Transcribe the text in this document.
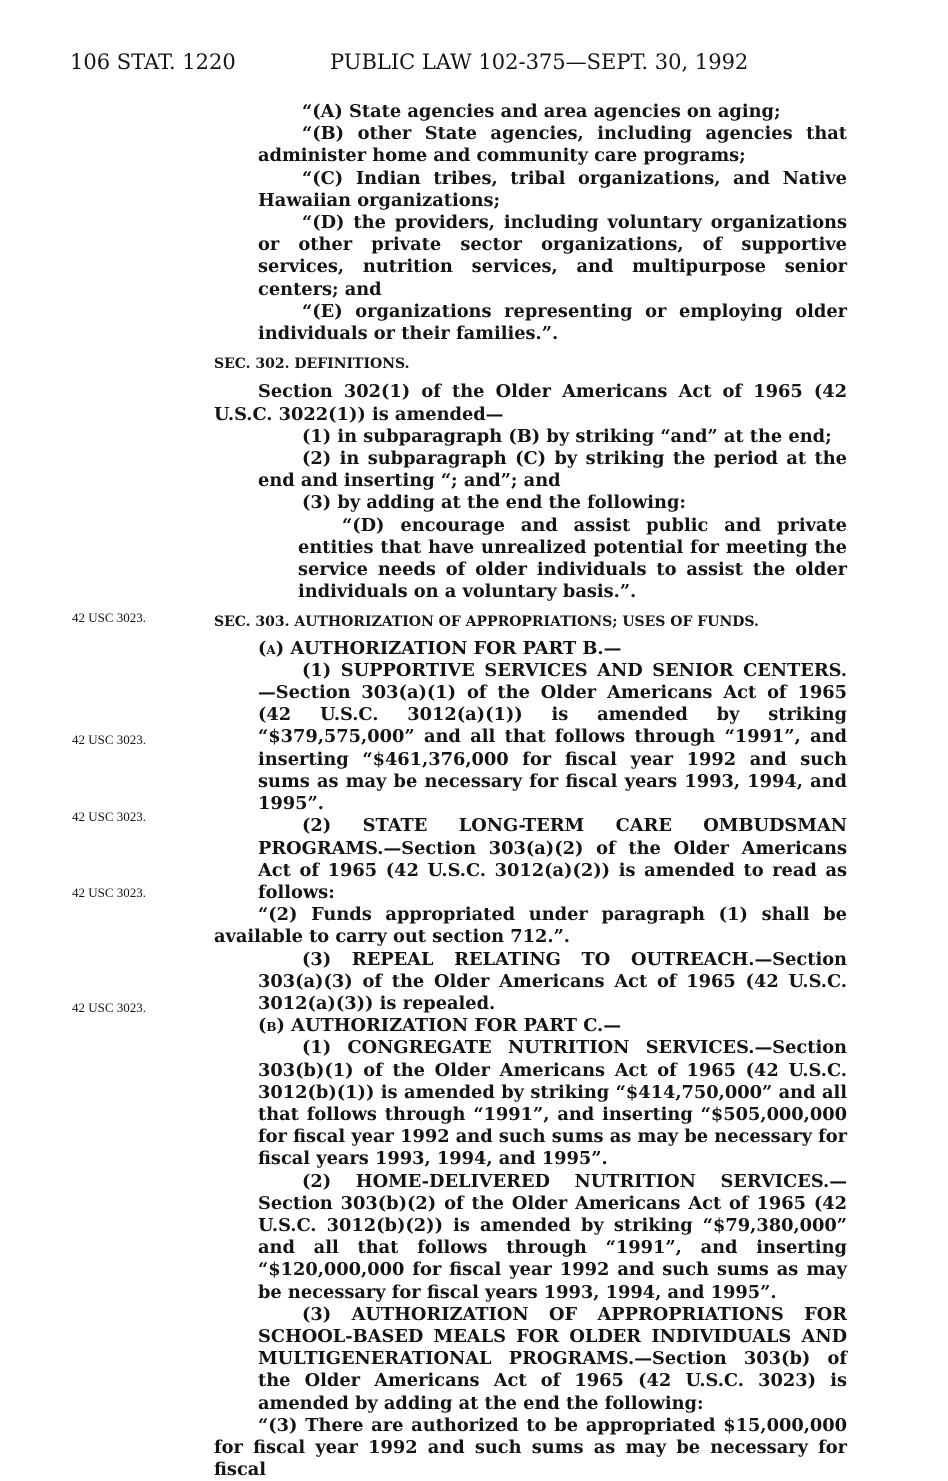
106 STAT. 1220	PUBLIC LAW 102-375—SEPT. 30, 1992
42 USC 3023.
42 USC 3023.
42 USC 3023.
42 USC 3023.
42 USC 3023.

“(A) State agencies and area agencies on aging;

“(B) other State agencies, including agencies that administer home and community care programs;

“(C) Indian tribes, tribal organizations, and Native Hawaiian organizations;

“(D) the providers, including voluntary organizations or other private sector organizations, of supportive services, nutrition services, and multipurpose senior centers; and

“(E) organizations representing or employing older individuals or their families.”.

SEC. 302. DEFINITIONS.

Section 302(1) of the Older Americans Act of 1965 (42 U.S.C. 3022(1)) is amended—

(1) in subparagraph (B) by striking “and” at the end;

(2) in subparagraph (C) by striking the period at the end and inserting “; and”; and

(3) by adding at the end the following:

“(D) encourage and assist public and private entities that have unrealized potential for meeting the service needs of older individuals to assist the older individuals on a voluntary basis.”.

SEC. 303. AUTHORIZATION OF APPROPRIATIONS; USES OF FUNDS.

(a) AUTHORIZATION FOR PART B.—

(1) SUPPORTIVE SERVICES AND SENIOR CENTERS.—Section 303(a)(1) of the Older Americans Act of 1965 (42 U.S.C. 3012(a)(1)) is amended by striking “$379,575,000” and all that follows through “1991”, and inserting “$461,376,000 for fiscal year 1992 and such sums as may be necessary for fiscal years 1993, 1994, and 1995”.

(2) STATE LONG-TERM CARE OMBUDSMAN PROGRAMS.—Section 303(a)(2) of the Older Americans Act of 1965 (42 U.S.C. 3012(a)(2)) is amended to read as follows:

“(2) Funds appropriated under paragraph (1) shall be available to carry out section 712.”.

(3) REPEAL RELATING TO OUTREACH.—Section 303(a)(3) of the Older Americans Act of 1965 (42 U.S.C. 3012(a)(3)) is repealed.

(b) AUTHORIZATION FOR PART C.—

(1) CONGREGATE NUTRITION SERVICES.—Section 303(b)(1) of the Older Americans Act of 1965 (42 U.S.C. 3012(b)(1)) is amended by striking “$414,750,000” and all that follows through “1991”, and inserting “$505,000,000 for fiscal year 1992 and such sums as may be necessary for fiscal years 1993, 1994, and 1995”.

(2) HOME-DELIVERED NUTRITION SERVICES.—Section 303(b)(2) of the Older Americans Act of 1965 (42 U.S.C. 3012(b)(2)) is amended by striking “$79,380,000” and all that follows through “1991”, and inserting “$120,000,000 for fiscal year 1992 and such sums as may be necessary for fiscal years 1993, 1994, and 1995”.

(3) AUTHORIZATION OF APPROPRIATIONS FOR SCHOOL-BASED MEALS FOR OLDER INDIVIDUALS AND MULTIGENERATIONAL PROGRAMS.—Section 303(b) of the Older Americans Act of 1965 (42 U.S.C. 3023) is amended by adding at the end the following:

“(3) There are authorized to be appropriated $15,000,000 for fiscal year 1992 and such sums as may be necessary for fiscal
